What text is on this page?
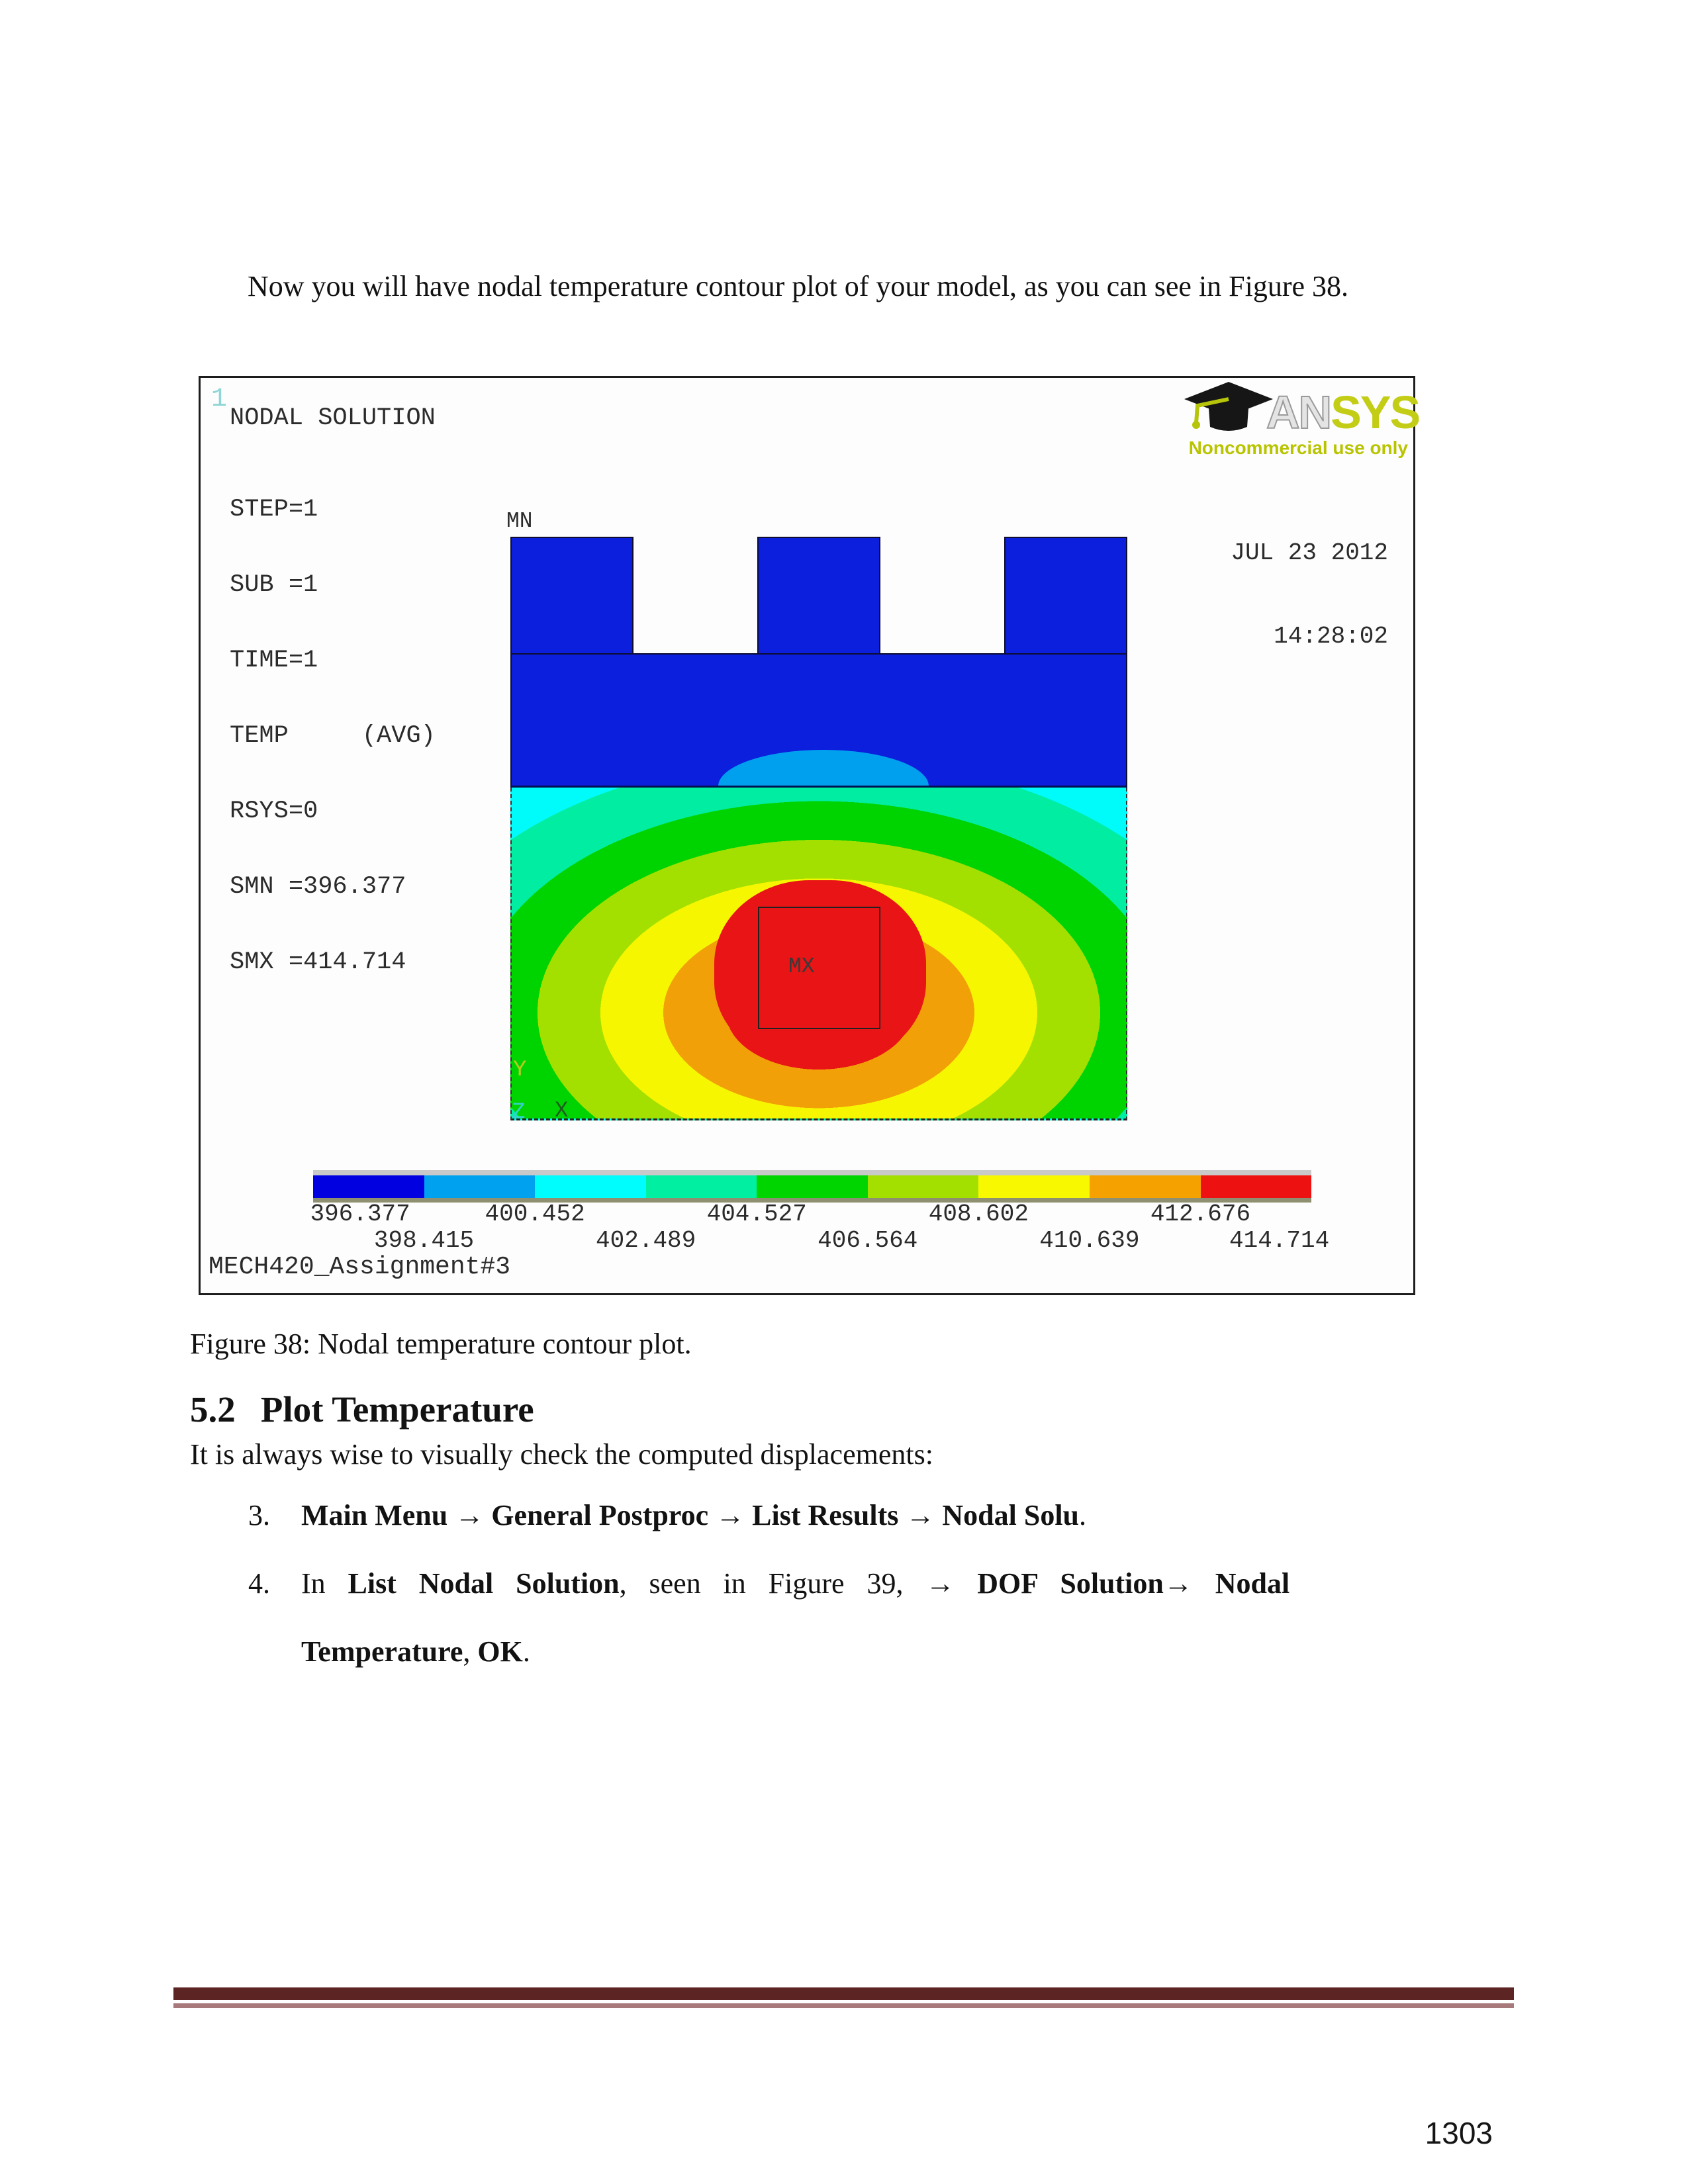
Now you will have nodal temperature contour plot of your model, as you can see in Figure 38.

1
NODAL SOLUTION

STEP=1

SUB =1

TIME=1

TEMP     (AVG)

RSYS=0

SMN =396.377

SMX =414.714

ANSYS
Noncommercial use only

JUL 23 2012

14:28:02

MN
MX
Y
Z X
396.377
398.415
400.452
402.489
404.527
406.564
408.602
410.639
412.676
414.714
MECH420_Assignment#3

Figure 38: Nodal temperature contour plot.

5.2 Plot Temperature

It is always wise to visually check the computed displacements:

3. Main Menu → General Postproc → List Results → Nodal Solu.
4. In List Nodal Solution, seen in Figure 39, → DOF Solution→ Nodal
Temperature, OK.
1303
